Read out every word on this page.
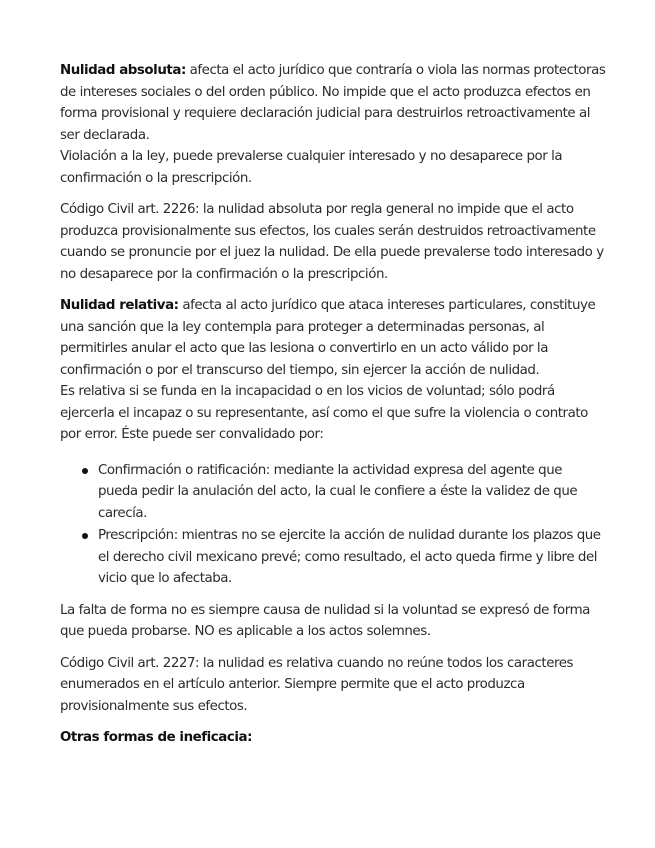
Nulidad absoluta: afecta el acto jurídico que contraría o viola las normas protectoras
de intereses sociales o del orden público. No impide que el acto produzca efectos en
forma provisional y requiere declaración judicial para destruirlos retroactivamente al
ser declarada.
Violación a la ley, puede prevalerse cualquier interesado y no desaparece por la
confirmación o la prescripción.

Código Civil art. 2226: la nulidad absoluta por regla general no impide que el acto
produzca provisionalmente sus efectos, los cuales serán destruidos retroactivamente
cuando se pronuncie por el juez la nulidad. De ella puede prevalerse todo interesado y
no desaparece por la confirmación o la prescripción.

Nulidad relativa: afecta al acto jurídico que ataca intereses particulares, constituye
una sanción que la ley contempla para proteger a determinadas personas, al
permitirles anular el acto que las lesiona o convertirlo en un acto válido por la
confirmación o por el transcurso del tiempo, sin ejercer la acción de nulidad.
Es relativa si se funda en la incapacidad o en los vicios de voluntad; sólo podrá
ejercerla el incapaz o su representante, así como el que sufre la violencia o contrato
por error. Éste puede ser convalidado por:

Confirmación o ratificación: mediante la actividad expresa del agente que
pueda pedir la anulación del acto, la cual le confiere a éste la validez de que
carecía.
Prescripción: mientras no se ejercite la acción de nulidad durante los plazos que
el derecho civil mexicano prevé; como resultado, el acto queda firme y libre del
vicio que lo afectaba.

La falta de forma no es siempre causa de nulidad si la voluntad se expresó de forma
que pueda probarse. NO es aplicable a los actos solemnes.

Código Civil art. 2227: la nulidad es relativa cuando no reúne todos los caracteres
enumerados en el artículo anterior. Siempre permite que el acto produzca
provisionalmente sus efectos.

Otras formas de ineficacia:
